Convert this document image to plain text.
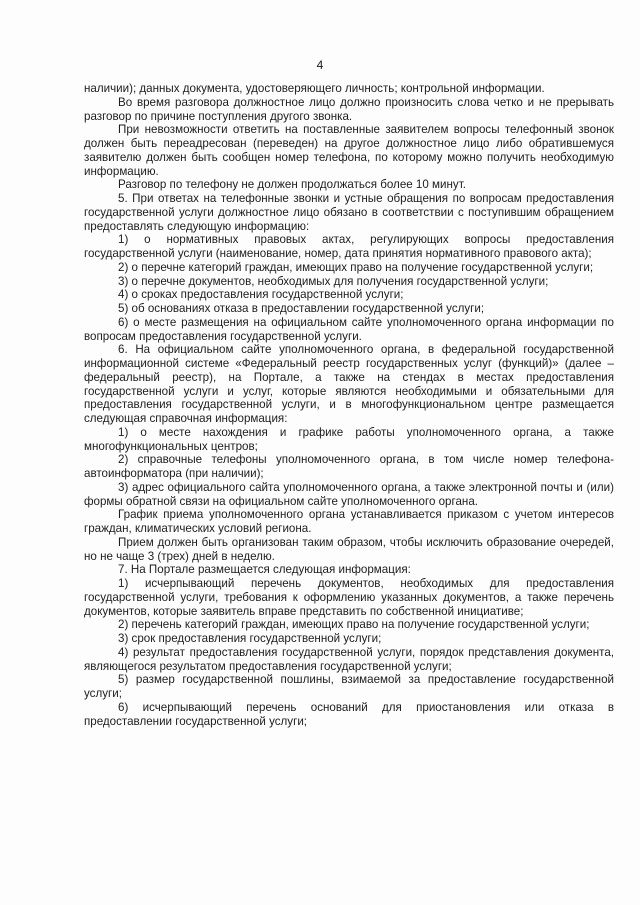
4

наличии); данных документа, удостоверяющего личность; контрольной информации.

Во время разговора должностное лицо должно произносить слова четко и не прерывать разговор по причине поступления другого звонка.

При невозможности ответить на поставленные заявителем вопросы телефонный звонок должен быть переадресован (переведен) на другое должностное лицо либо обратившемуся заявителю должен быть сообщен номер телефона, по которому можно получить необходимую информацию.

Разговор по телефону не должен продолжаться более 10 минут.

5. При ответах на телефонные звонки и устные обращения по вопросам предоставления государственной услуги должностное лицо обязано в соответствии с поступившим обращением предоставлять следующую информацию:

1) о нормативных правовых актах, регулирующих вопросы предоставления государственной услуги (наименование, номер, дата принятия нормативного правового акта);

2) о перечне категорий граждан, имеющих право на получение государственной услуги;

3) о перечне документов, необходимых для получения государственной услуги;

4) о сроках предоставления государственной услуги;

5) об основаниях отказа в предоставлении государственной услуги;

6) о месте размещения на официальном сайте уполномоченного органа информации по вопросам предоставления государственной услуги.

6. На официальном сайте уполномоченного органа, в федеральной государственной информационной системе «Федеральный реестр государственных услуг (функций)» (далее – федеральный реестр), на Портале, а также на стендах в местах предоставления государственной услуги и услуг, которые являются необходимыми и обязательными для предоставления государственной услуги, и в многофункциональном центре размещается следующая справочная информация:

1) о месте нахождения и графике работы уполномоченного органа, а также многофункциональных центров;

2) справочные телефоны уполномоченного органа, в том числе номер телефона-автоинформатора (при наличии);

3) адрес официального сайта уполномоченного органа, а также электронной почты и (или) формы обратной связи на официальном сайте уполномоченного органа.

График приема уполномоченного органа устанавливается приказом с учетом интересов граждан, климатических условий региона.

Прием должен быть организован таким образом, чтобы исключить образование очередей, но не чаще 3 (трех) дней в неделю.

7. На Портале размещается следующая информация:

1) исчерпывающий перечень документов, необходимых для предоставления государственной услуги, требования к оформлению указанных документов, а также перечень документов, которые заявитель вправе представить по собственной инициативе;

2) перечень категорий граждан, имеющих право на получение государственной услуги;

3) срок предоставления государственной услуги;

4) результат предоставления государственной услуги, порядок представления документа, являющегося результатом предоставления государственной услуги;

5) размер государственной пошлины, взимаемой за предоставление государственной услуги;

6) исчерпывающий перечень оснований для приостановления или отказа в предоставлении государственной услуги;
